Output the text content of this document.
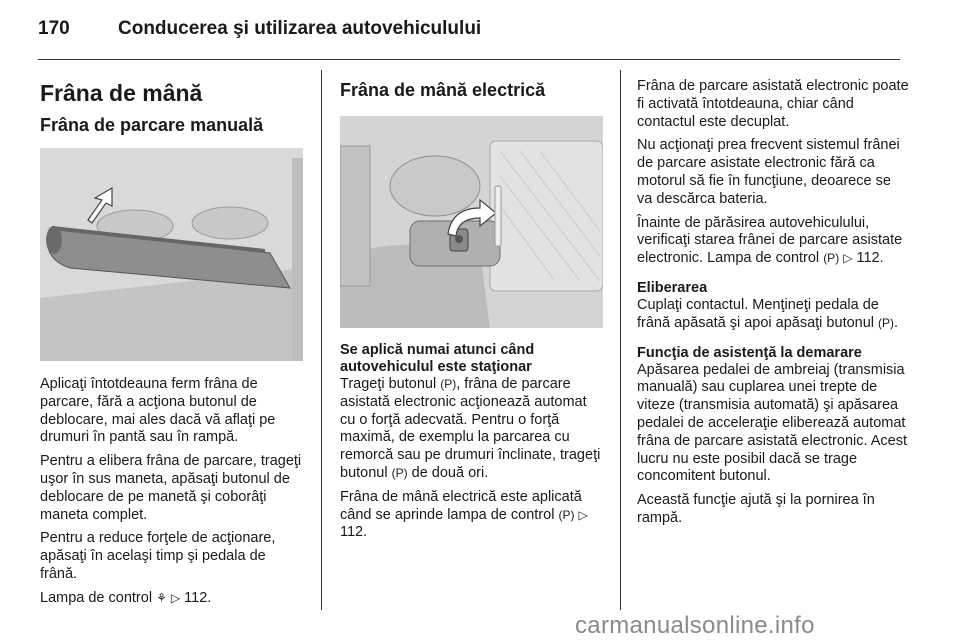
170	Conducerea şi utilizarea autovehiculului
Frâna de mână
Frâna de parcare manuală

Aplicaţi întotdeauna ferm frâna de parcare, fără a acţiona butonul de deblocare, mai ales dacă vă aflaţi pe drumuri în pantă sau în rampă.

Pentru a elibera frâna de parcare, trageţi uşor în sus maneta, apăsaţi butonul de deblocare de pe manetă şi coborâţi maneta complet.

Pentru a reduce forţele de acţionare, apăsaţi în acelaşi timp şi pedala de frână.

Lampa de control ⚘ ▷ 112.

Frâna de mână electrică
Se aplică numai atunci când autovehiculul este staţionar

Trageţi butonul (P), frâna de parcare asistată electronic acţionează automat cu o forţă adecvată. Pentru o forţă maximă, de exemplu la parcarea cu remorcă sau pe drumuri înclinate, trageţi butonul (P) de două ori.

Frâna de mână electrică este aplicată când se aprinde lampa de control (P) ▷ 112.

Frâna de parcare asistată electronic poate fi activată întotdeauna, chiar când contactul este decuplat.

Nu acţionaţi prea frecvent sistemul frânei de parcare asistate electronic fără ca motorul să fie în funcţiune, deoarece se va descărca bateria.

Înainte de părăsirea autovehiculului, verificaţi starea frânei de parcare asistate electronic. Lampa de control (P) ▷ 112.

Eliberarea

Cuplaţi contactul. Menţineţi pedala de frână apăsată şi apoi apăsaţi butonul (P).

Funcţia de asistenţă la demarare

Apăsarea pedalei de ambreiaj (transmisia manuală) sau cuplarea unei trepte de viteze (transmisia automată) şi apăsarea pedalei de acceleraţie eliberează automat frâna de parcare asistată electronic. Acest lucru nu este posibil dacă se trage concomitent butonul.

Această funcţie ajută şi la pornirea în rampă.

carmanualsonline.info
